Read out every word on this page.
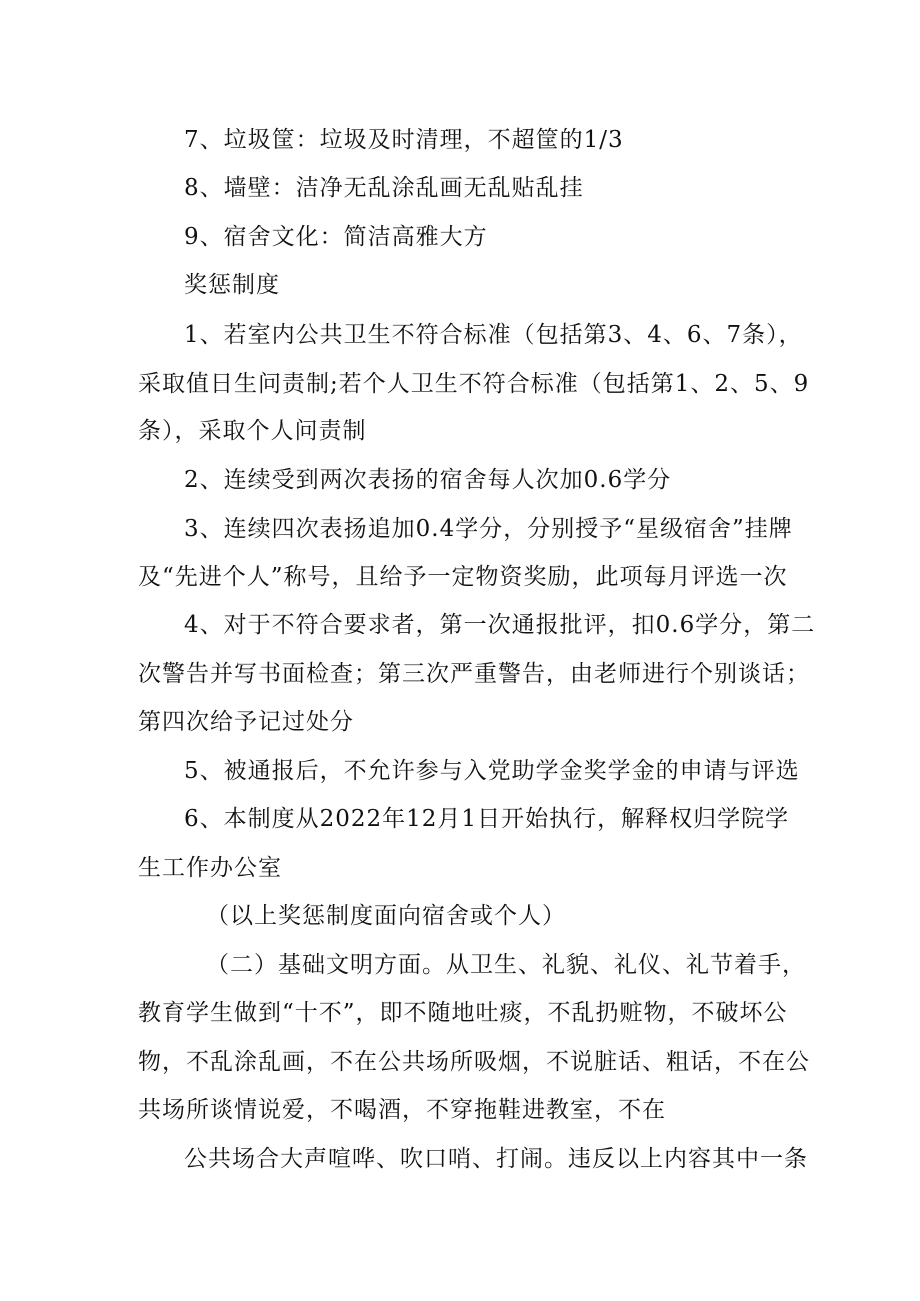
7、垃圾筐：垃圾及时清理，不超筐的1/3
8、墙壁：洁净无乱涂乱画无乱贴乱挂
9、宿舍文化：简洁高雅大方
奖惩制度
1、若室内公共卫生不符合标准（包括第3、4、6、7条），
采取值日生问责制;若个人卫生不符合标准（包括第1、2、5、9
条），采取个人问责制
2、连续受到两次表扬的宿舍每人次加0.6学分
3、连续四次表扬追加0.4学分，分别授予“星级宿舍”挂牌
及“先进个人”称号，且给予一定物资奖励，此项每月评选一次
4、对于不符合要求者，第一次通报批评，扣0.6学分，第二
次警告并写书面检查；第三次严重警告，由老师进行个别谈话；
第四次给予记过处分
5、被通报后，不允许参与入党助学金奖学金的申请与评选
6、本制度从2022年12月1日开始执行，解释权归学院学
生工作办公室
（以上奖惩制度面向宿舍或个人）
（二）基础文明方面。从卫生、礼貌、礼仪、礼节着手，
教育学生做到“十不”，即不随地吐痰，不乱扔赃物，不破坏公
物，不乱涂乱画，不在公共场所吸烟，不说脏话、粗话，不在公
共场所谈情说爱，不喝酒，不穿拖鞋进教室，不在
公共场合大声喧哗、吹口哨、打闹。违反以上内容其中一条
